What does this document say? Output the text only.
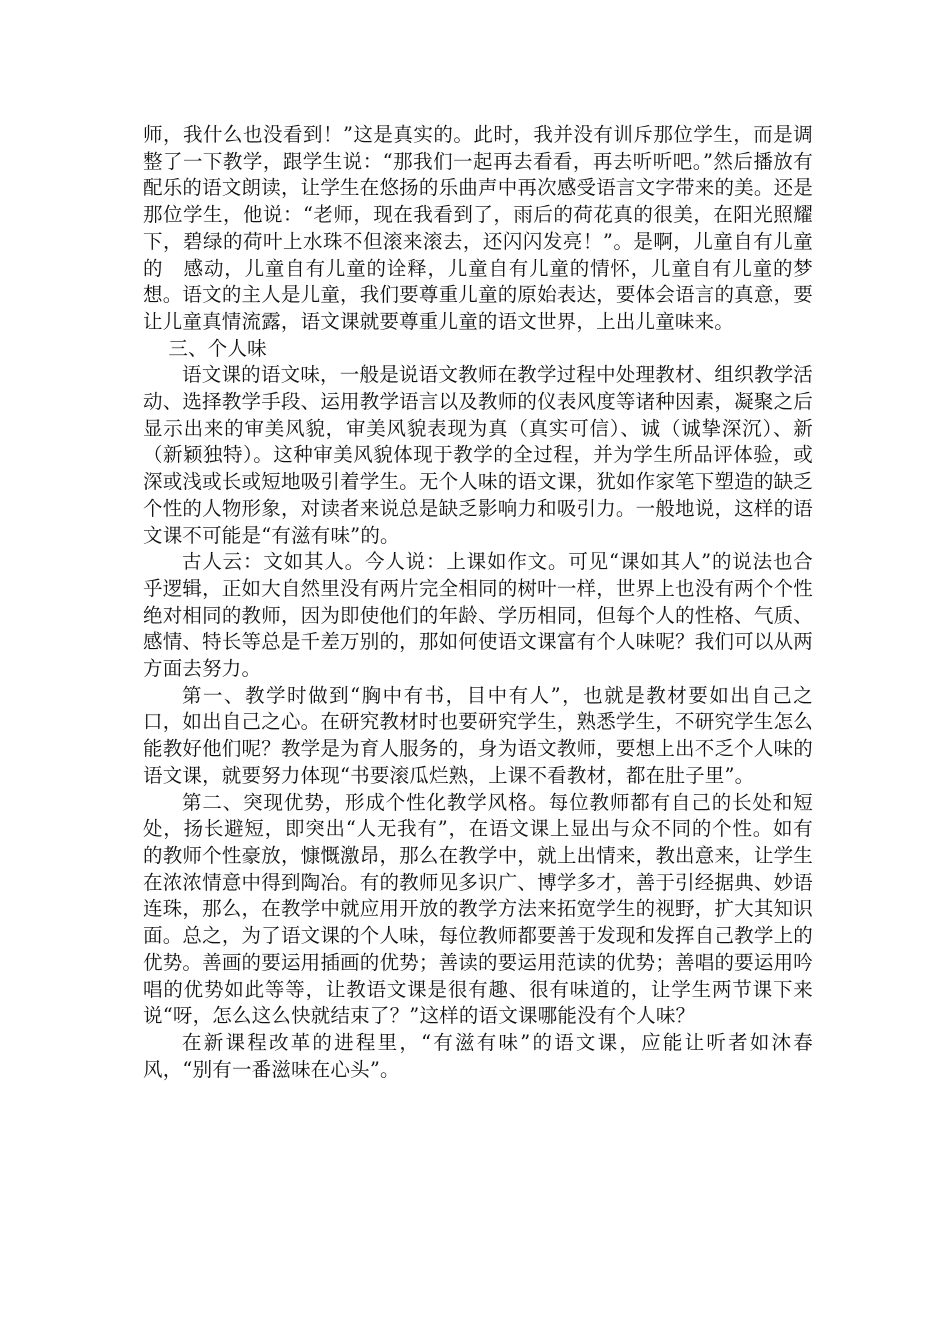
师，我什么也没看到！”这是真实的。此时，我并没有训斥那位学生，而是调整了一下教学，跟学生说：“那我们一起再去看看，再去听听吧。”然后播放有配乐的语文朗读，让学生在悠扬的乐曲声中再次感受语言文字带来的美。还是那位学生，他说：“老师，现在我看到了，雨后的荷花真的很美，在阳光照耀下，碧绿的荷叶上水珠不但滚来滚去，还闪闪发亮！”。是啊，儿童自有儿童的　感动，儿童自有儿童的诠释，儿童自有儿童的情怀，儿童自有儿童的梦想。语文的主人是儿童，我们要尊重儿童的原始表达，要体会语言的真意，要让儿童真情流露，语文课就要尊重儿童的语文世界，上出儿童味来。

三、个人味

语文课的语文味，一般是说语文教师在教学过程中处理教材、组织教学活动、选择教学手段、运用教学语言以及教师的仪表风度等诸种因素，凝聚之后显示出来的审美风貌，审美风貌表现为真（真实可信）、诚（诚挚深沉）、新（新颖独特）。这种审美风貌体现于教学的全过程，并为学生所品评体验，或深或浅或长或短地吸引着学生。无个人味的语文课，犹如作家笔下塑造的缺乏个性的人物形象，对读者来说总是缺乏影响力和吸引力。一般地说，这样的语文课不可能是“有滋有味”的。

古人云：文如其人。今人说：上课如作文。可见“课如其人”的说法也合乎逻辑，正如大自然里没有两片完全相同的树叶一样，世界上也没有两个个性绝对相同的教师，因为即使他们的年龄、学历相同，但每个人的性格、气质、感情、特长等总是千差万别的，那如何使语文课富有个人味呢？我们可以从两方面去努力。

第一、教学时做到“胸中有书，目中有人”，也就是教材要如出自己之口，如出自己之心。在研究教材时也要研究学生，熟悉学生，不研究学生怎么能教好他们呢？教学是为育人服务的，身为语文教师，要想上出不乏个人味的语文课，就要努力体现“书要滚瓜烂熟，上课不看教材，都在肚子里”。

第二、突现优势，形成个性化教学风格。每位教师都有自己的长处和短处，扬长避短，即突出“人无我有”，在语文课上显出与众不同的个性。如有的教师个性豪放，慷慨激昂，那么在教学中，就上出情来，教出意来，让学生在浓浓情意中得到陶冶。有的教师见多识广、博学多才，善于引经据典、妙语连珠，那么，在教学中就应用开放的教学方法来拓宽学生的视野，扩大其知识面。总之，为了语文课的个人味，每位教师都要善于发现和发挥自己教学上的优势。善画的要运用插画的优势；善读的要运用范读的优势；善唱的要运用吟唱的优势如此等等，让教语文课是很有趣、很有味道的，让学生两节课下来说“呀，怎么这么快就结束了？”这样的语文课哪能没有个人味？

在新课程改革的进程里，“有滋有味”的语文课，应能让听者如沐春风，“别有一番滋味在心头”。
